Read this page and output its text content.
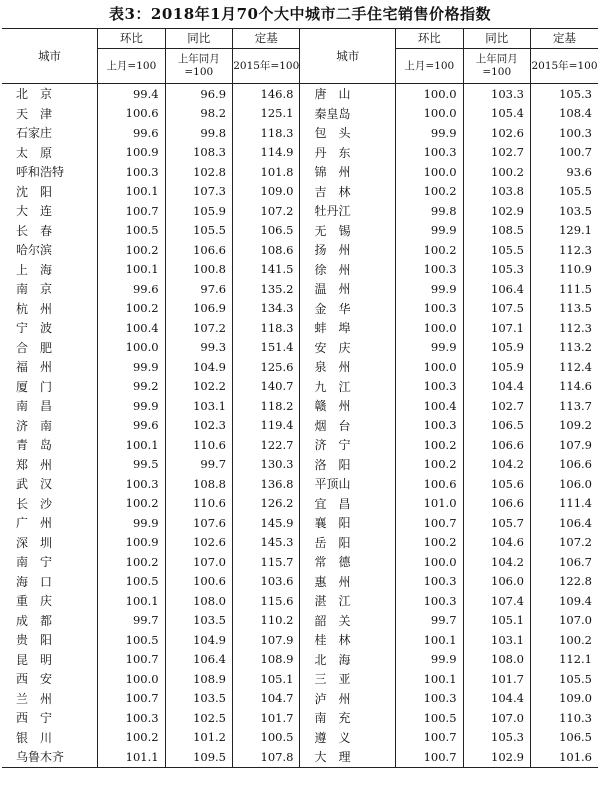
表3：2018年1月70个大中城市二手住宅销售价格指数
城市	环比	同比	定基	城市	环比	同比	定基
	上月=100	上年同月=100	2015年=100		上月=100	上年同月=100	2015年=100
北　京	99.4	96.9	146.8	唐　山	100.0	103.3	105.3
天　津	100.6	98.2	125.1	秦皇岛	100.0	105.4	108.4
石家庄	99.6	99.8	118.3	包　头	99.9	102.6	100.3
太　原	100.9	108.3	114.9	丹　东	100.3	102.7	100.7
呼和浩特	100.3	102.8	101.8	锦　州	100.0	100.2	93.6
沈　阳	100.1	107.3	109.0	吉　林	100.2	103.8	105.5
大　连	100.7	105.9	107.2	牡丹江	99.8	102.9	103.5
长　春	100.5	105.5	106.5	无　锡	99.9	108.5	129.1
哈尔滨	100.2	106.6	108.6	扬　州	100.2	105.5	112.3
上　海	100.1	100.8	141.5	徐　州	100.3	105.3	110.9
南　京	99.6	97.6	135.2	温　州	99.9	106.4	111.5
杭　州	100.2	106.9	134.3	金　华	100.3	107.5	113.5
宁　波	100.4	107.2	118.3	蚌　埠	100.0	107.1	112.3
合　肥	100.0	99.3	151.4	安　庆	99.9	105.9	113.2
福　州	99.9	104.9	125.6	泉　州	100.0	105.9	112.4
厦　门	99.2	102.2	140.7	九　江	100.3	104.4	114.6
南　昌	99.9	103.1	118.2	赣　州	100.4	102.7	113.7
济　南	99.6	102.3	119.4	烟　台	100.3	106.5	109.2
青　岛	100.1	110.6	122.7	济　宁	100.2	106.6	107.9
郑　州	99.5	99.7	130.3	洛　阳	100.2	104.2	106.6
武　汉	100.3	108.8	136.8	平顶山	100.6	105.6	106.0
长　沙	100.2	110.6	126.2	宜　昌	101.0	106.6	111.4
广　州	99.9	107.6	145.9	襄　阳	100.7	105.7	106.4
深　圳	100.9	102.6	145.3	岳　阳	100.2	104.6	107.2
南　宁	100.2	107.0	115.7	常　德	100.0	104.2	106.7
海　口	100.5	100.6	103.6	惠　州	100.3	106.0	122.8
重　庆	100.1	108.0	115.6	湛　江	100.3	107.4	109.4
成　都	99.7	103.5	110.2	韶　关	99.7	105.1	107.0
贵　阳	100.5	104.9	107.9	桂　林	100.1	103.1	100.2
昆　明	100.7	106.4	108.9	北　海	99.9	108.0	112.1
西　安	100.0	108.9	105.1	三　亚	100.1	101.7	105.5
兰　州	100.7	103.5	104.7	泸　州	100.3	104.4	109.0
西　宁	100.3	102.5	101.7	南　充	100.5	107.0	110.3
银　川	100.2	101.2	100.5	遵　义	100.7	105.3	106.5
乌鲁木齐	101.1	109.5	107.8	大　理	100.7	102.9	101.6
